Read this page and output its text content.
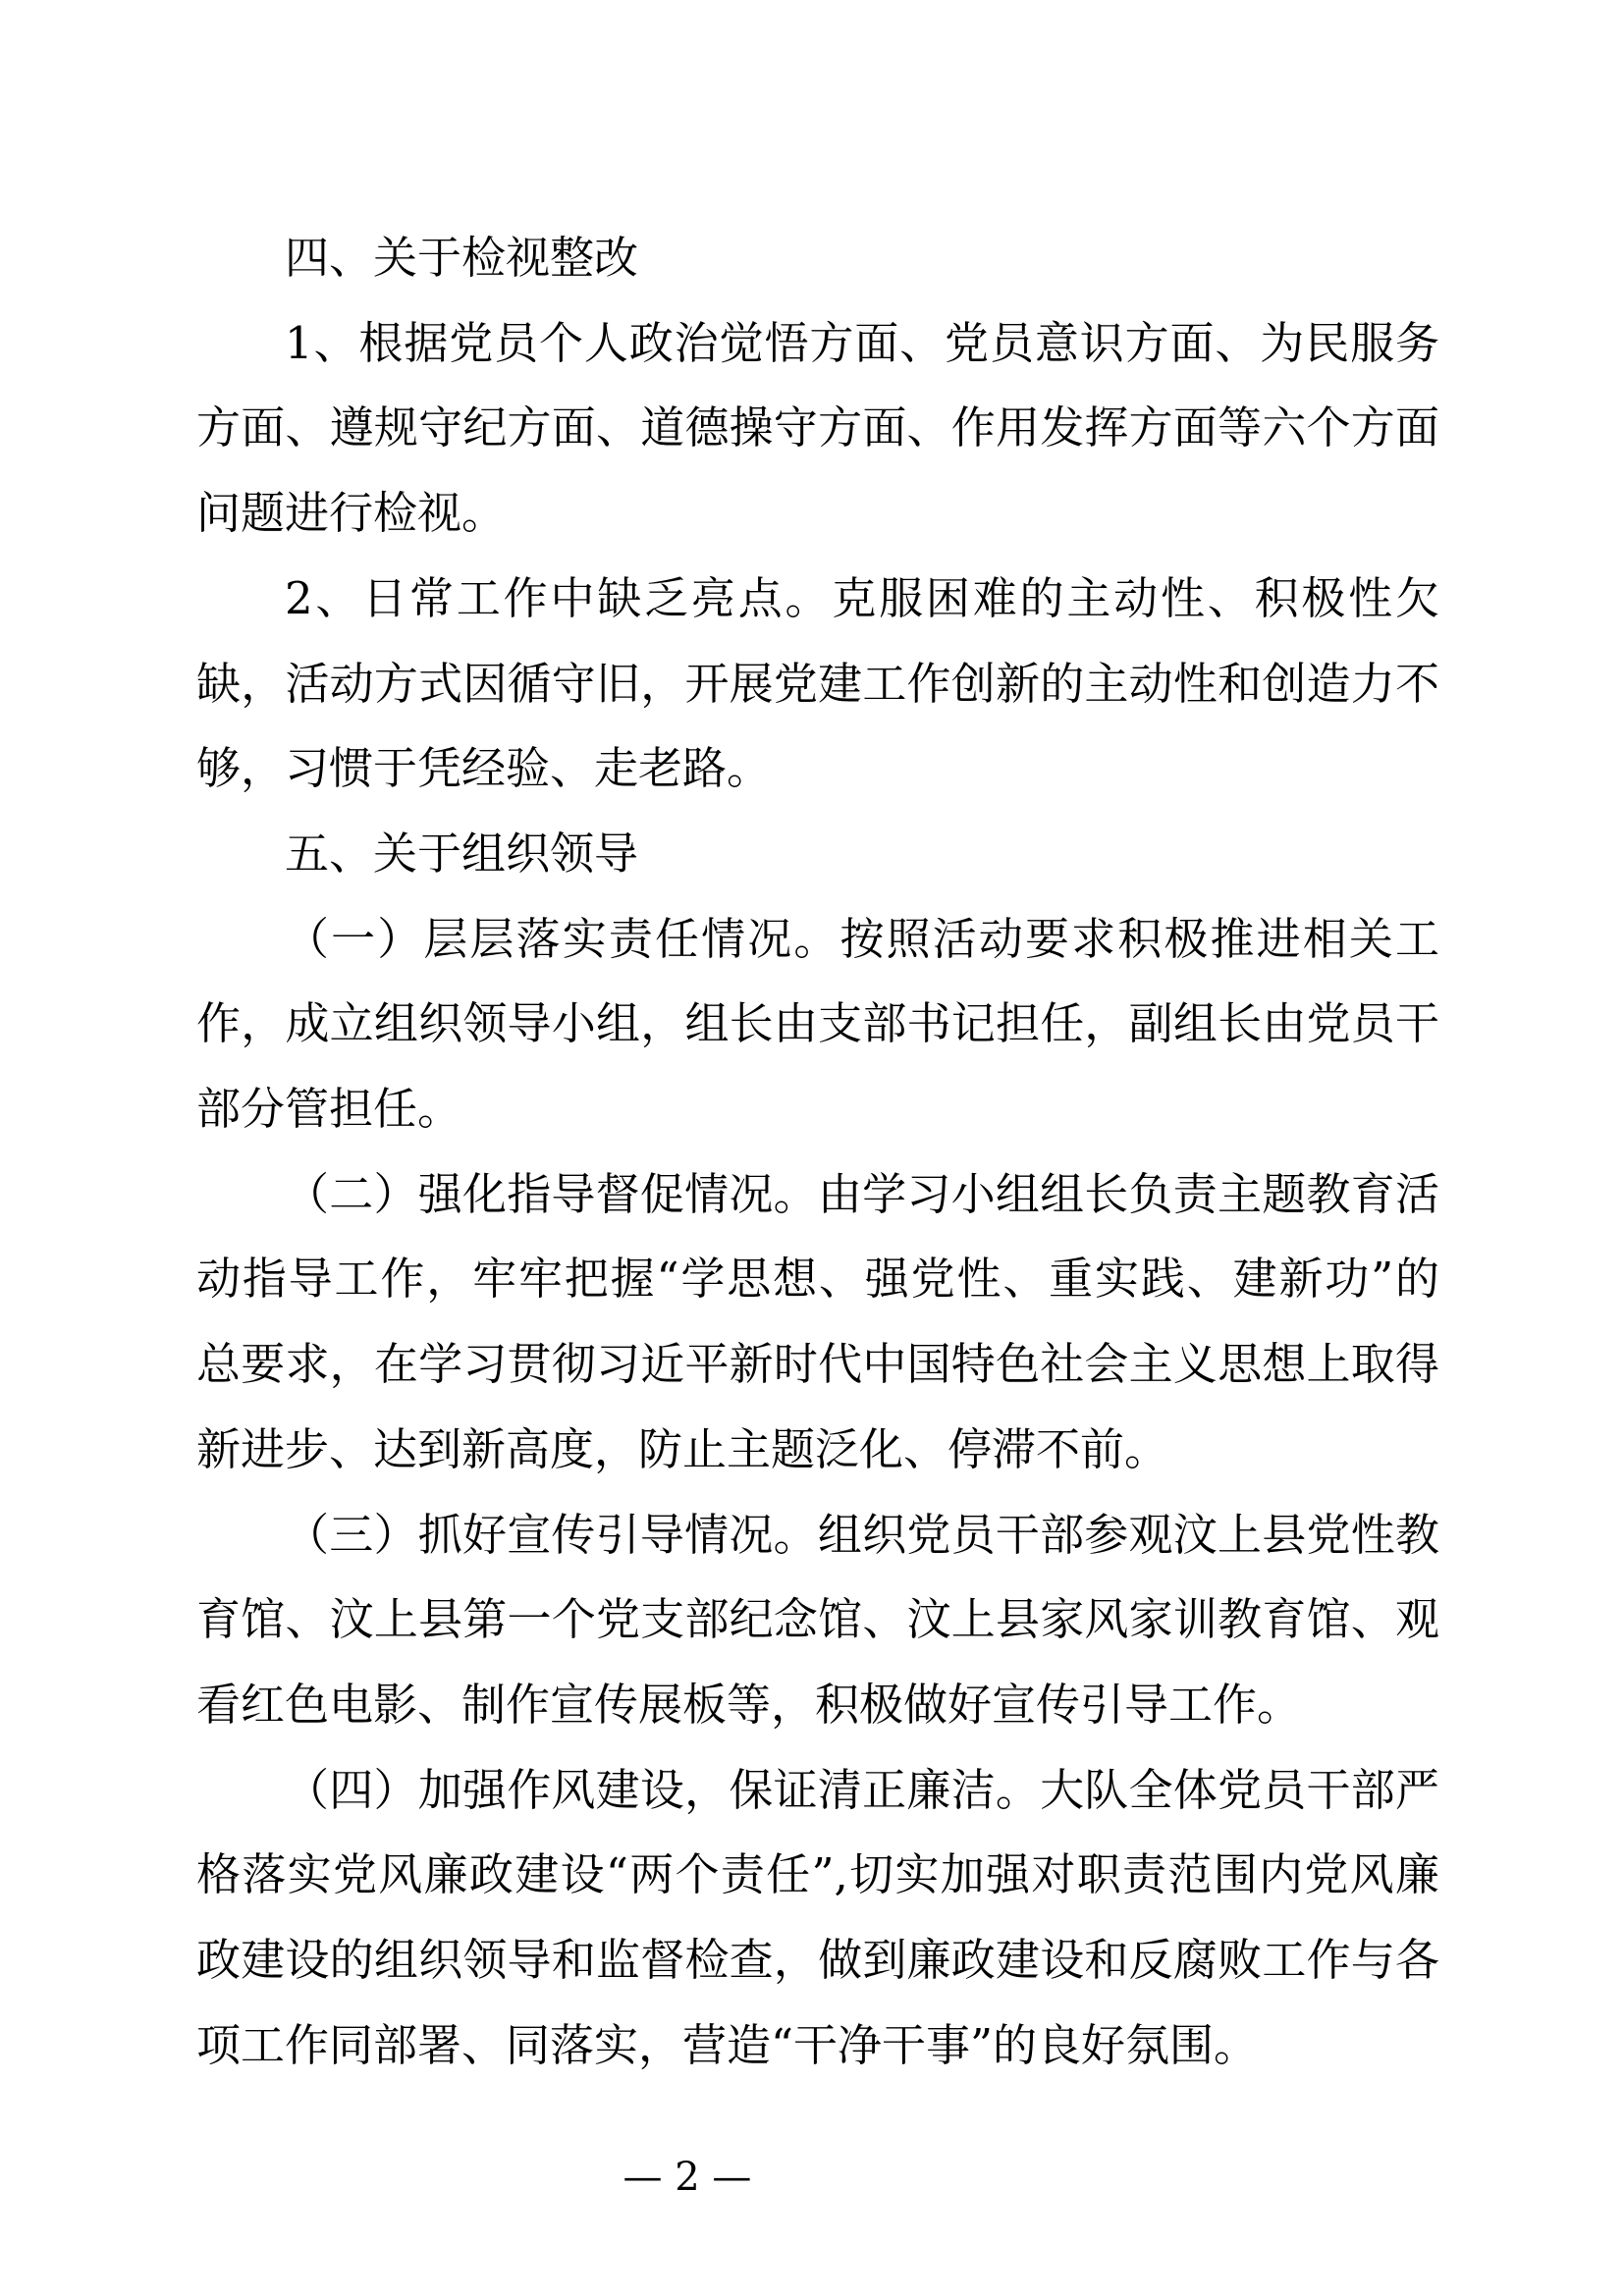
四、关于检视整改
1、根据党员个人政治觉悟方面、党员意识方面、为民服务
方面、遵规守纪方面、道德操守方面、作用发挥方面等六个方面
问题进行检视。
2、日常工作中缺乏亮点。克服困难的主动性、积极性欠
缺，活动方式因循守旧，开展党建工作创新的主动性和创造力不
够，习惯于凭经验、走老路。
五、关于组织领导
（一）层层落实责任情况。按照活动要求积极推进相关工
作，成立组织领导小组，组长由支部书记担任，副组长由党员干
部分管担任。
（二）强化指导督促情况。由学习小组组长负责主题教育活
动指导工作，牢牢把握“学思想、强党性、重实践、建新功”的
总要求，在学习贯彻习近平新时代中国特色社会主义思想上取得
新进步、达到新高度，防止主题泛化、停滞不前。
（三）抓好宣传引导情况。组织党员干部参观汶上县党性教
育馆、汶上县第一个党支部纪念馆、汶上县家风家训教育馆、观
看红色电影、制作宣传展板等，积极做好宣传引导工作。
（四）加强作风建设，保证清正廉洁。大队全体党员干部严
格落实党风廉政建设“两个责任”,切实加强对职责范围内党风廉
政建设的组织领导和监督检查，做到廉政建设和反腐败工作与各
项工作同部署、同落实，营造“干净干事”的良好氛围。
— 2 —
